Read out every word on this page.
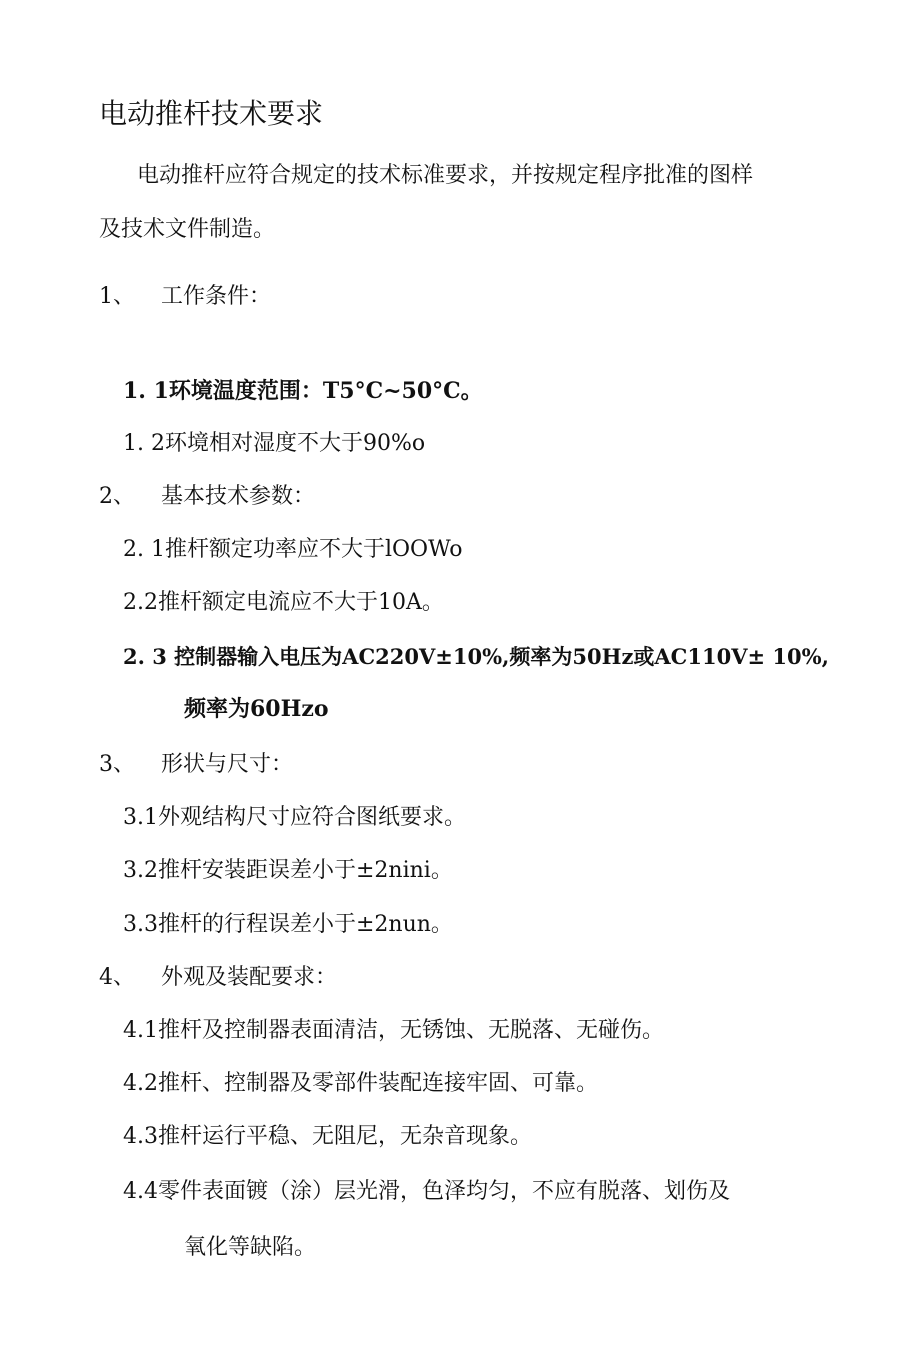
电动推杆技术要求
电动推杆应符合规定的技术标准要求，并按规定程序批准的图样
及技术文件制造。
1、 工作条件：
1. 1环境温度范围：T5°C~50°C。
1. 2环境相对湿度不大于90%o
2、 基本技术参数：
2. 1推杆额定功率应不大于lOOWo
2.2推杆额定电流应不大于10A。
2. 3 控制器输入电压为AC220V±10%,频率为50Hz或AC110V± 10%,
频率为60Hzo
3、 形状与尺寸：
3.1外观结构尺寸应符合图纸要求。
3.2推杆安装距误差小于±2nini。
3.3推杆的行程误差小于±2nun。
4、 外观及装配要求：
4.1推杆及控制器表面清洁，无锈蚀、无脱落、无碰伤。
4.2推杆、控制器及零部件装配连接牢固、可靠。
4.3推杆运行平稳、无阻尼，无杂音现象。
4.4零件表面镀（涂）层光滑，色泽均匀，不应有脱落、划伤及
氧化等缺陷。
